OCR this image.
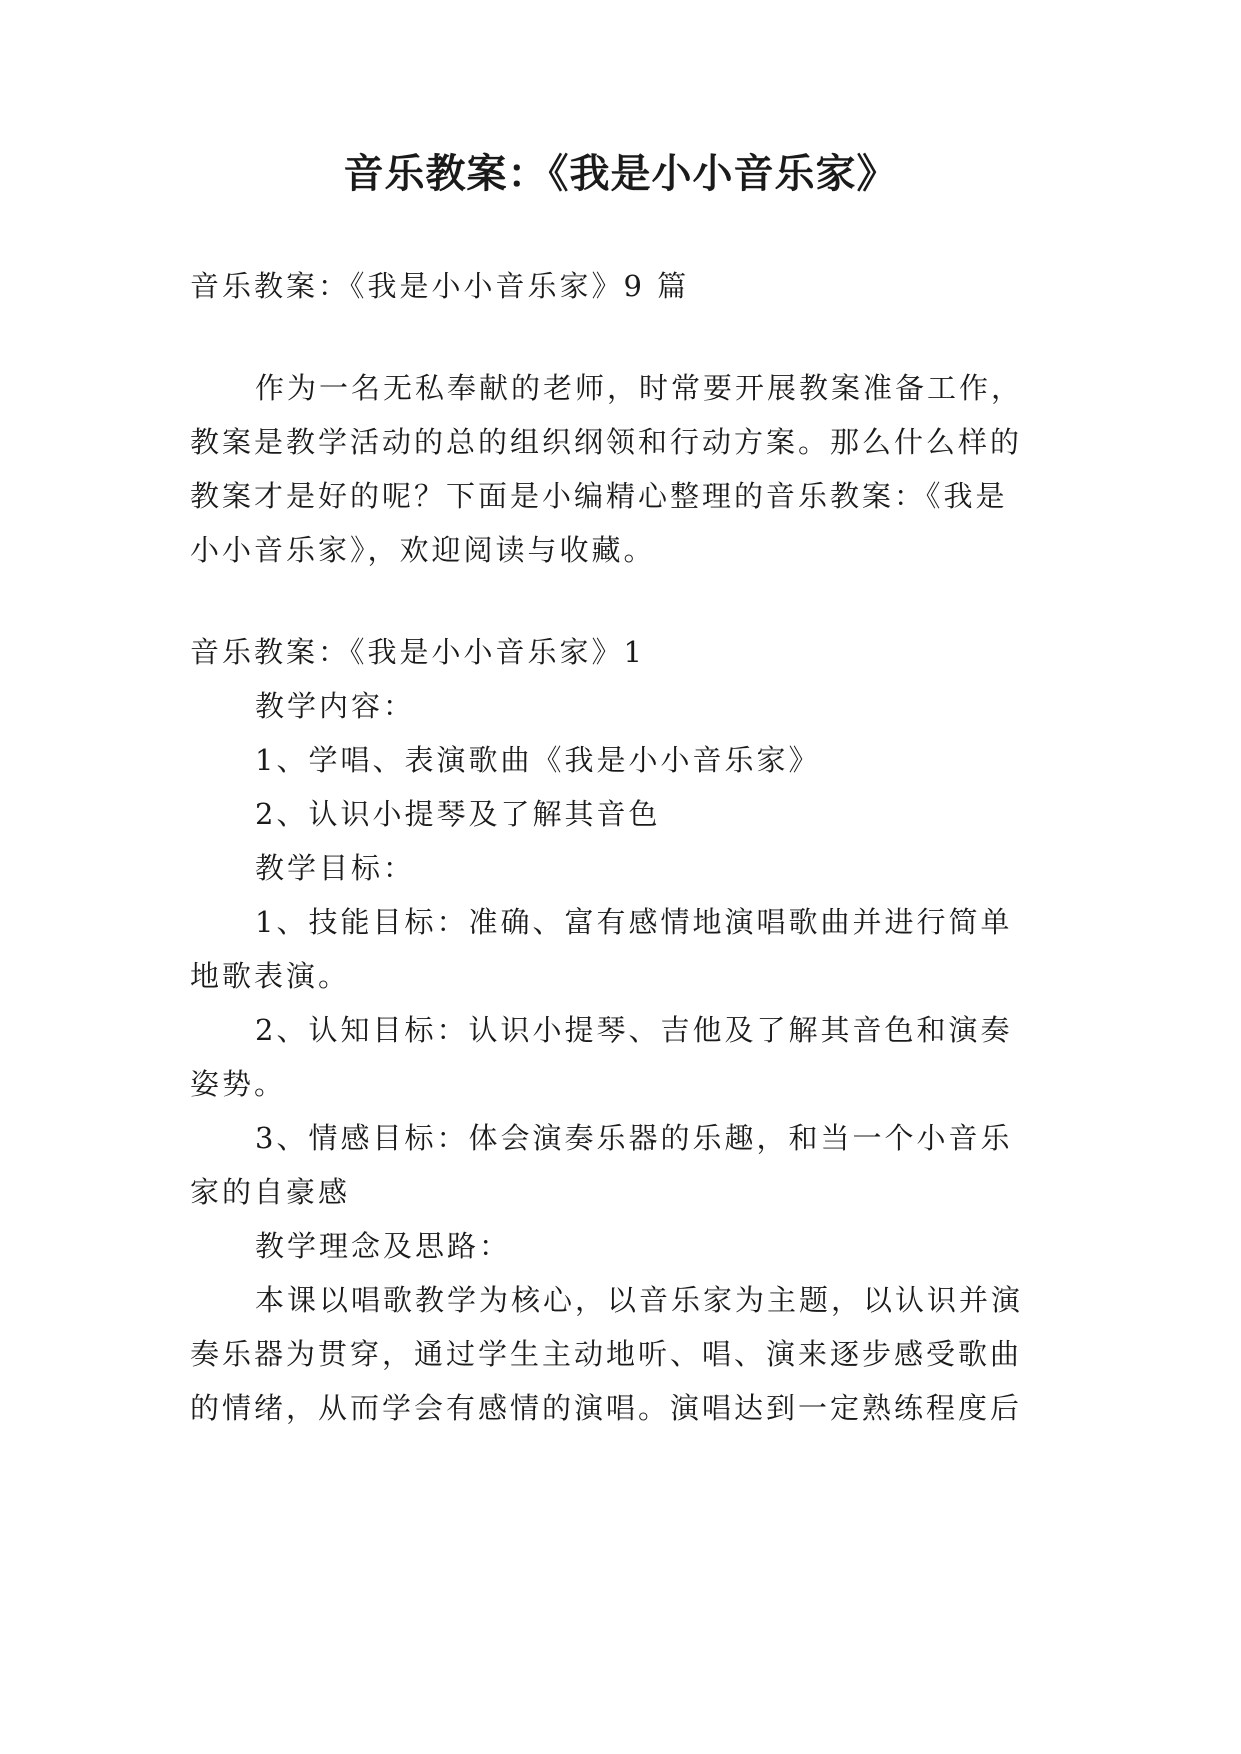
音乐教案：《我是小小音乐家》
音乐教案：《我是小小音乐家》9 篇
作为一名无私奉献的老师，时常要开展教案准备工作，
教案是教学活动的总的组织纲领和行动方案。那么什么样的
教案才是好的呢？下面是小编精心整理的音乐教案：《我是
小小音乐家》，欢迎阅读与收藏。
音乐教案：《我是小小音乐家》1
教学内容：
1、学唱、表演歌曲《我是小小音乐家》
2、认识小提琴及了解其音色
教学目标：
1、技能目标：准确、富有感情地演唱歌曲并进行简单
地歌表演。
2、认知目标：认识小提琴、吉他及了解其音色和演奏
姿势。
3、情感目标：体会演奏乐器的乐趣，和当一个小音乐
家的自豪感
教学理念及思路：
本课以唱歌教学为核心，以音乐家为主题，以认识并演
奏乐器为贯穿，通过学生主动地听、唱、演来逐步感受歌曲
的情绪，从而学会有感情的演唱。演唱达到一定熟练程度后
